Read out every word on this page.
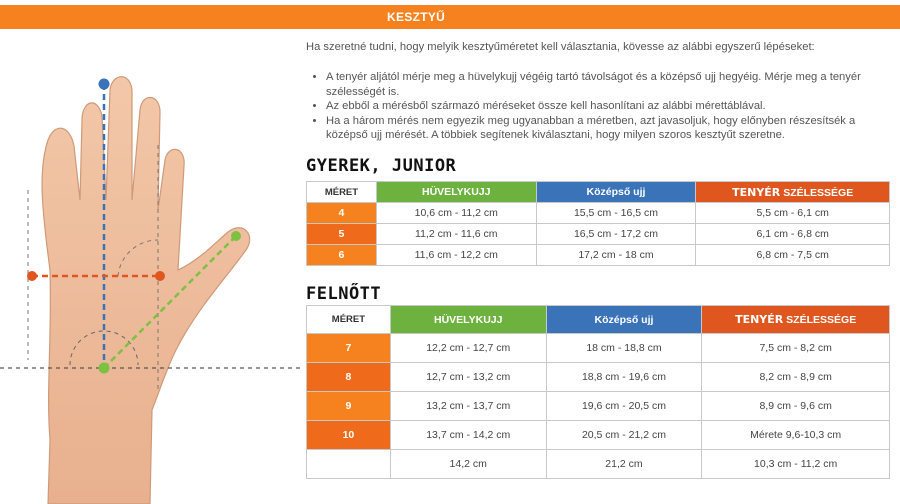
KESZTYŰ
Ha szeretné tudni, hogy melyik kesztyűméretet kell választania, kövesse az alábbi egyszerű lépéseket:
• A tenyér aljától mérje meg a hüvelykujj végéig tartó távolságot és a középső ujj hegyéig. Mérje meg a tenyér szélességét is.
• Az ebből a mérésből származó méréseket össze kell hasonlítani az alábbi mérettáblával.
• Ha a három mérés nem egyezik meg ugyanabban a méretben, azt javasoljuk, hogy előnyben részesítsék a középső ujj mérését. A többiek segítenek kiválasztani, hogy milyen szoros kesztyűt szeretne.
GYEREK, JUNIOR
MÉRET	HÜVELYKUJJ	Középső ujj	TENYÉR SZÉLESSÉGE
4	10,6 cm - 11,2 cm	15,5 cm - 16,5 cm	5,5 cm - 6,1 cm
5	11,2 cm - 11,6 cm	16,5 cm - 17,2 cm	6,1 cm - 6,8 cm
6	11,6 cm - 12,2 cm	17,2 cm - 18 cm	6,8 cm - 7,5 cm
FELNŐTT
MÉRET	HÜVELYKUJJ	Középső ujj	TENYÉR SZÉLESSÉGE
7	12,2 cm - 12,7 cm	18 cm - 18,8 cm	7,5 cm - 8,2 cm
8	12,7 cm - 13,2 cm	18,8 cm - 19,6 cm	8,2 cm - 8,9 cm
9	13,2 cm - 13,7 cm	19,6 cm - 20,5 cm	8,9 cm - 9,6 cm
10	13,7 cm - 14,2 cm	20,5 cm - 21,2 cm	Mérete 9,6-10,3 cm
	14,2 cm	21,2 cm	10,3 cm - 11,2 cm
